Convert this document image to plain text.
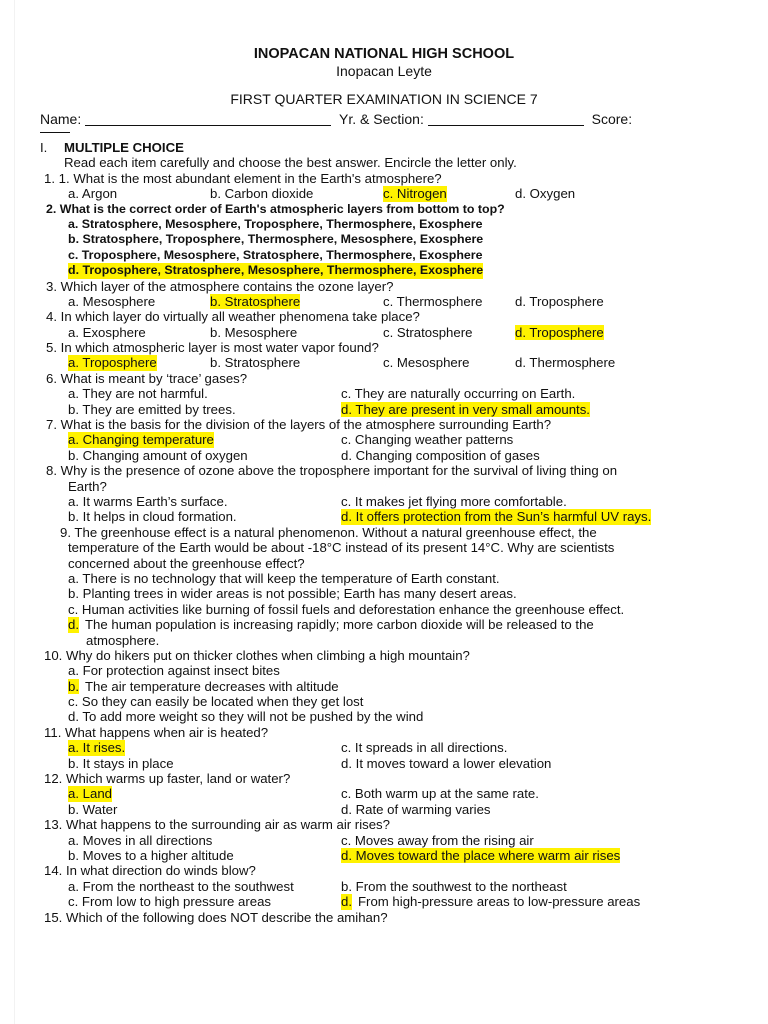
INOPACAN NATIONAL HIGH SCHOOL
Inopacan Leyte
FIRST QUARTER EXAMINATION IN SCIENCE 7
Name:	Yr. & Section:	Score:
I. MULTIPLE CHOICE
Read each item carefully and choose the best answer. Encircle the letter only.
1. 1. What is the most abundant element in the Earth's atmosphere?
a. Argon	b. Carbon dioxide	c. Nitrogen	d. Oxygen
2. What is the correct order of Earth's atmospheric layers from bottom to top?
a. Stratosphere, Mesosphere, Troposphere, Thermosphere, Exosphere
b. Stratosphere, Troposphere, Thermosphere, Mesosphere, Exosphere
c. Troposphere, Mesosphere, Stratosphere, Thermosphere, Exosphere
d. Troposphere, Stratosphere, Mesosphere, Thermosphere, Exosphere
3. Which layer of the atmosphere contains the ozone layer?
a. Mesosphere	b. Stratosphere	c. Thermosphere d. Troposphere
4. In which layer do virtually all weather phenomena take place?
a. Exosphere	b. Mesosphere	c. Stratosphere	d. Troposphere
5. In which atmospheric layer is most water vapor found?
a. Troposphere	b. Stratosphere	c. Mesosphere	d. Thermosphere
6. What is meant by ‘trace’ gases?
a. They are not harmful.	c. They are naturally occurring on Earth.
b. They are emitted by trees.	d. They are present in very small amounts.
7. What is the basis for the division of the layers of the atmosphere surrounding Earth?
a. Changing temperature	c. Changing weather patterns
b. Changing amount of oxygen	d. Changing composition of gases
8. Why is the presence of ozone above the troposphere important for the survival of living thing on
Earth?
a. It warms Earth’s surface.	c. It makes jet flying more comfortable.
b. It helps in cloud formation.	d. It offers protection from the Sun’s harmful UV rays.
9. The greenhouse effect is a natural phenomenon. Without a natural greenhouse effect, the
temperature of the Earth would be about -18°C instead of its present 14°C. Why are scientists
concerned about the greenhouse effect?
a. There is no technology that will keep the temperature of Earth constant.
b. Planting trees in wider areas is not possible; Earth has many desert areas.
c. Human activities like burning of fossil fuels and deforestation enhance the greenhouse effect.
d. The human population is increasing rapidly; more carbon dioxide will be released to the
atmosphere.
10. Why do hikers put on thicker clothes when climbing a high mountain?
a. For protection against insect bites
b. The air temperature decreases with altitude
c. So they can easily be located when they get lost
d. To add more weight so they will not be pushed by the wind
11. What happens when air is heated?
a. It rises.	c. It spreads in all directions.
b. It stays in place	d. It moves toward a lower elevation
12. Which warms up faster, land or water?
a. Land	c. Both warm up at the same rate.
b. Water	d. Rate of warming varies
13. What happens to the surrounding air as warm air rises?
a. Moves in all directions	c. Moves away from the rising air
b. Moves to a higher altitude	d. Moves toward the place where warm air rises
14. In what direction do winds blow?
a. From the northeast to the southwest	b. From the southwest to the northeast
c. From low to high pressure areas	d. From high-pressure areas to low-pressure areas
15. Which of the following does NOT describe the amihan?
